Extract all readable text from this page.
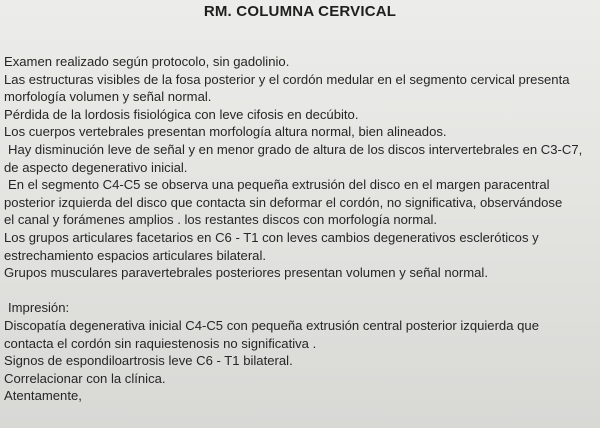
RM. COLUMNA CERVICAL
Examen realizado según protocolo, sin gadolinio.
Las estructuras visibles de la fosa posterior y el cordón medular en el segmento cervical presenta
morfología volumen y señal normal.
Pérdida de la lordosis fisiológica con leve cifosis en decúbito.
Los cuerpos vertebrales presentan morfología altura normal, bien alineados.
Hay disminución leve de señal y en menor grado de altura de los discos intervertebrales en C3-C7,
de aspecto degenerativo inicial.
En el segmento C4-C5 se observa una pequeña extrusión del disco en el margen paracentral
posterior izquierda del disco que contacta sin deformar el cordón, no significativa, observándose
el canal y forámenes amplios . los restantes discos con morfología normal.
Los grupos articulares facetarios en C6 - T1 con leves cambios degenerativos escleróticos y
estrechamiento espacios articulares bilateral.
Grupos musculares paravertebrales posteriores presentan volumen y señal normal.
Impresión:
Discopatía degenerativa inicial C4-C5 con pequeña extrusión central posterior izquierda que
contacta el cordón sin raquiestenosis no significativa .
Signos de espondiloartrosis leve C6 - T1 bilateral.
Correlacionar con la clínica.
Atentamente,
